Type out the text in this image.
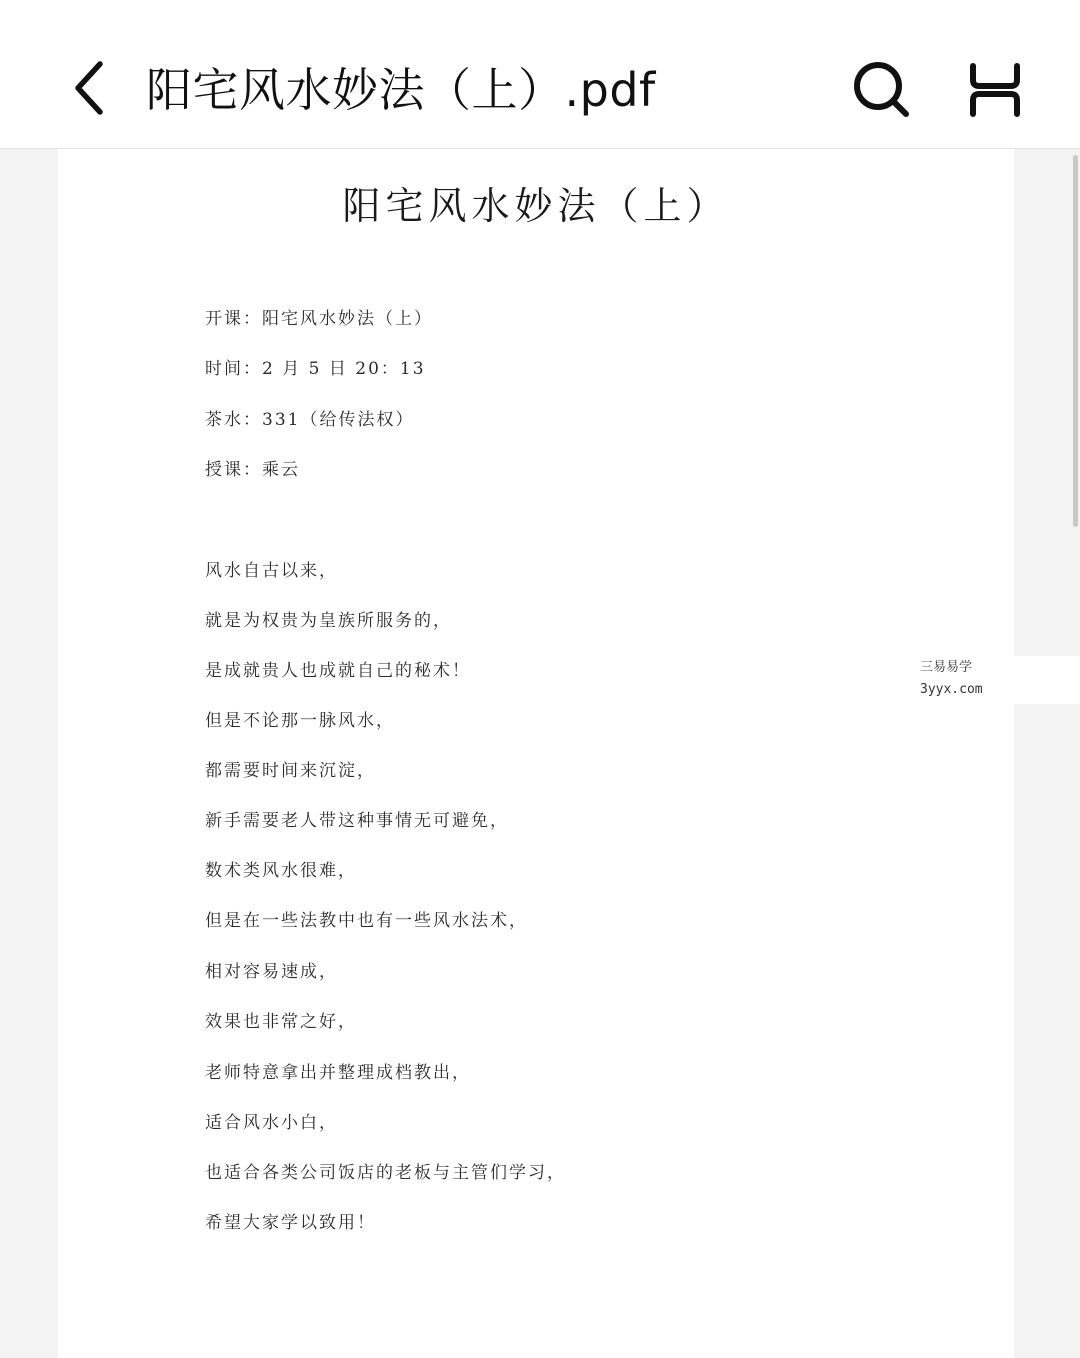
阳宅风水妙法（上）.pdf
阳宅风水妙法（上）
开课：阳宅风水妙法（上）
时间：2 月 5 日 20：13
茶水：331（给传法权）
授课：乘云
风水自古以来，
就是为权贵为皇族所服务的，
是成就贵人也成就自己的秘术！
但是不论那一脉风水，
都需要时间来沉淀，
新手需要老人带这种事情无可避免，
数术类风水很难，
但是在一些法教中也有一些风水法术，
相对容易速成，
效果也非常之好，
老师特意拿出并整理成档教出，
适合风水小白，
也适合各类公司饭店的老板与主管们学习，
希望大家学以致用！
三易易学
3yyx.com
